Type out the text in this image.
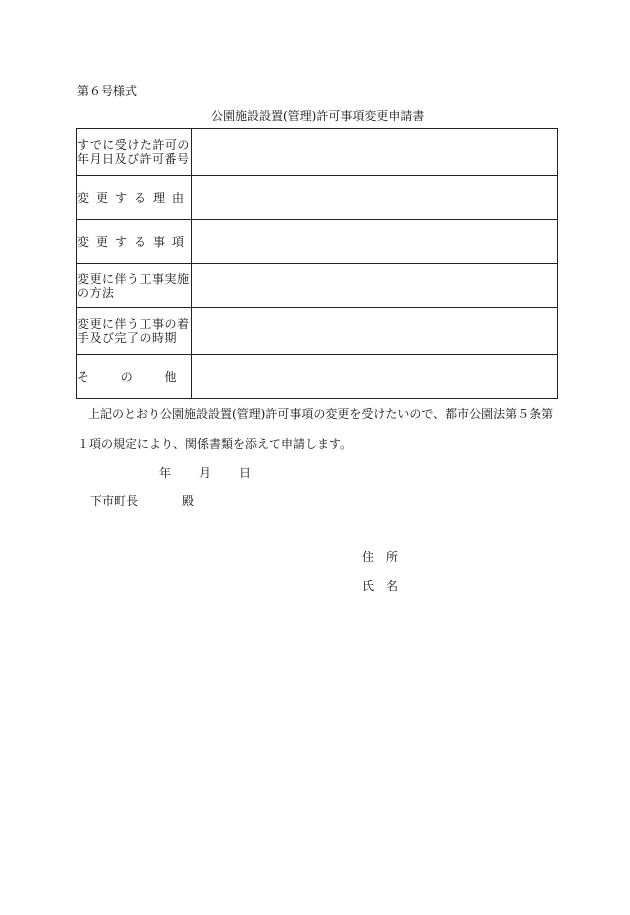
第６号様式
公園施設設置(管理)許可事項変更申請書
すでに受けた許可の年月日及び許可番号	
変更する理由	
変更する事項	
変更に伴う工事実施の方法	
変更に伴う工事の着手及び完了の時期	

そ の 他	

上記のとおり公園施設設置(管理)許可事項の変更を受けたいので、都市公園法第５条第
１項の規定により、関係書類を添えて申請します。
年 月 日
下市町長	殿
住　所
氏　名
